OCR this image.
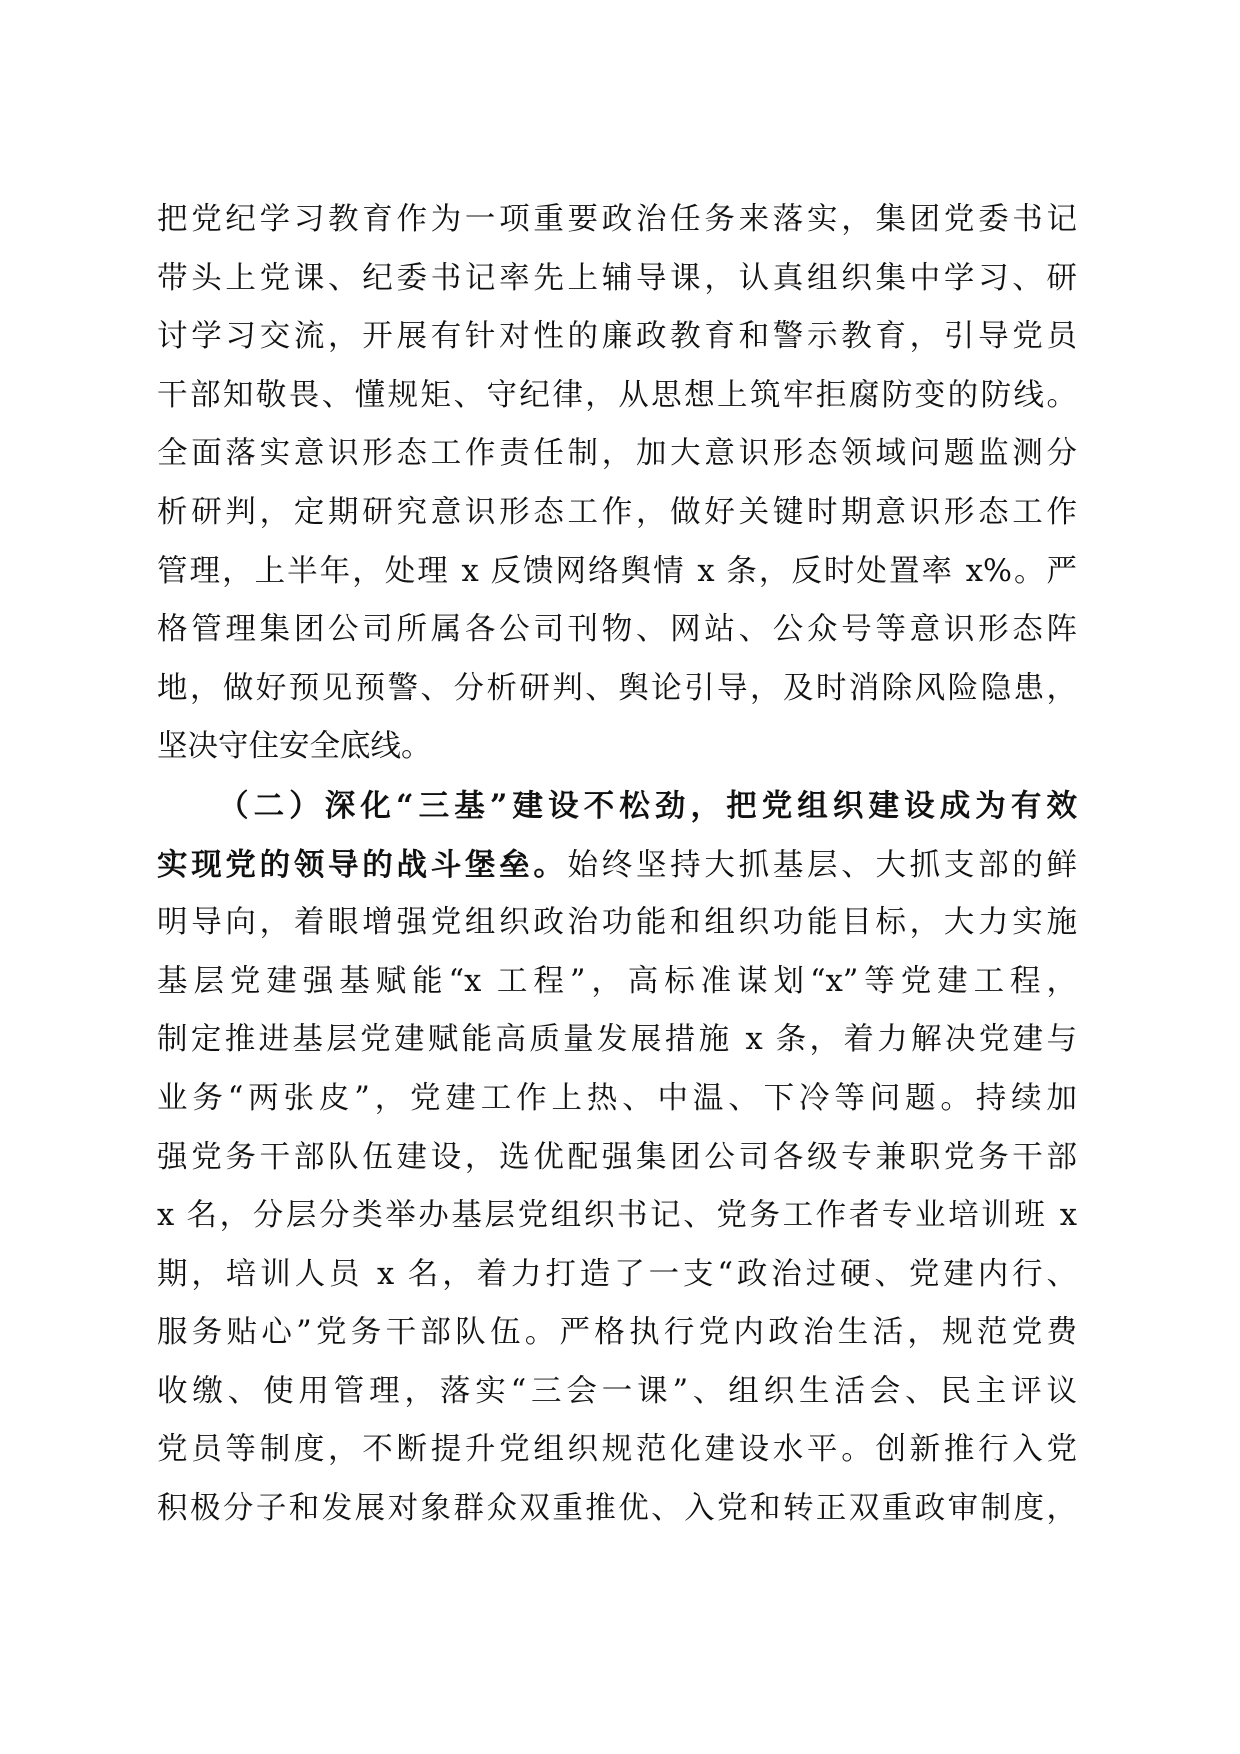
把党纪学习教育作为一项重要政治任务来落实，集团党委书记
带头上党课、纪委书记率先上辅导课，认真组织集中学习、研
讨学习交流，开展有针对性的廉政教育和警示教育，引导党员
干部知敬畏、懂规矩、守纪律，从思想上筑牢拒腐防变的防线。
全面落实意识形态工作责任制，加大意识形态领域问题监测分
析研判，定期研究意识形态工作，做好关键时期意识形态工作
管理，上半年，处理 x 反馈网络舆情 x 条，反时处置率 x%。严
格管理集团公司所属各公司刊物、网站、公众号等意识形态阵
地，做好预见预警、分析研判、舆论引导，及时消除风险隐患，
坚决守住安全底线。
（二）深化“三基”建设不松劲，把党组织建设成为有效
实现党的领导的战斗堡垒。始终坚持大抓基层、大抓支部的鲜
明导向，着眼增强党组织政治功能和组织功能目标，大力实施
基层党建强基赋能“x 工程”，高标准谋划“x”等党建工程，
制定推进基层党建赋能高质量发展措施 x 条，着力解决党建与
业务“两张皮”，党建工作上热、中温、下冷等问题。持续加
强党务干部队伍建设，选优配强集团公司各级专兼职党务干部
x 名，分层分类举办基层党组织书记、党务工作者专业培训班 x
期，培训人员 x 名，着力打造了一支“政治过硬、党建内行、
服务贴心”党务干部队伍。严格执行党内政治生活，规范党费
收缴、使用管理，落实“三会一课”、组织生活会、民主评议
党员等制度，不断提升党组织规范化建设水平。创新推行入党
积极分子和发展对象群众双重推优、入党和转正双重政审制度，
